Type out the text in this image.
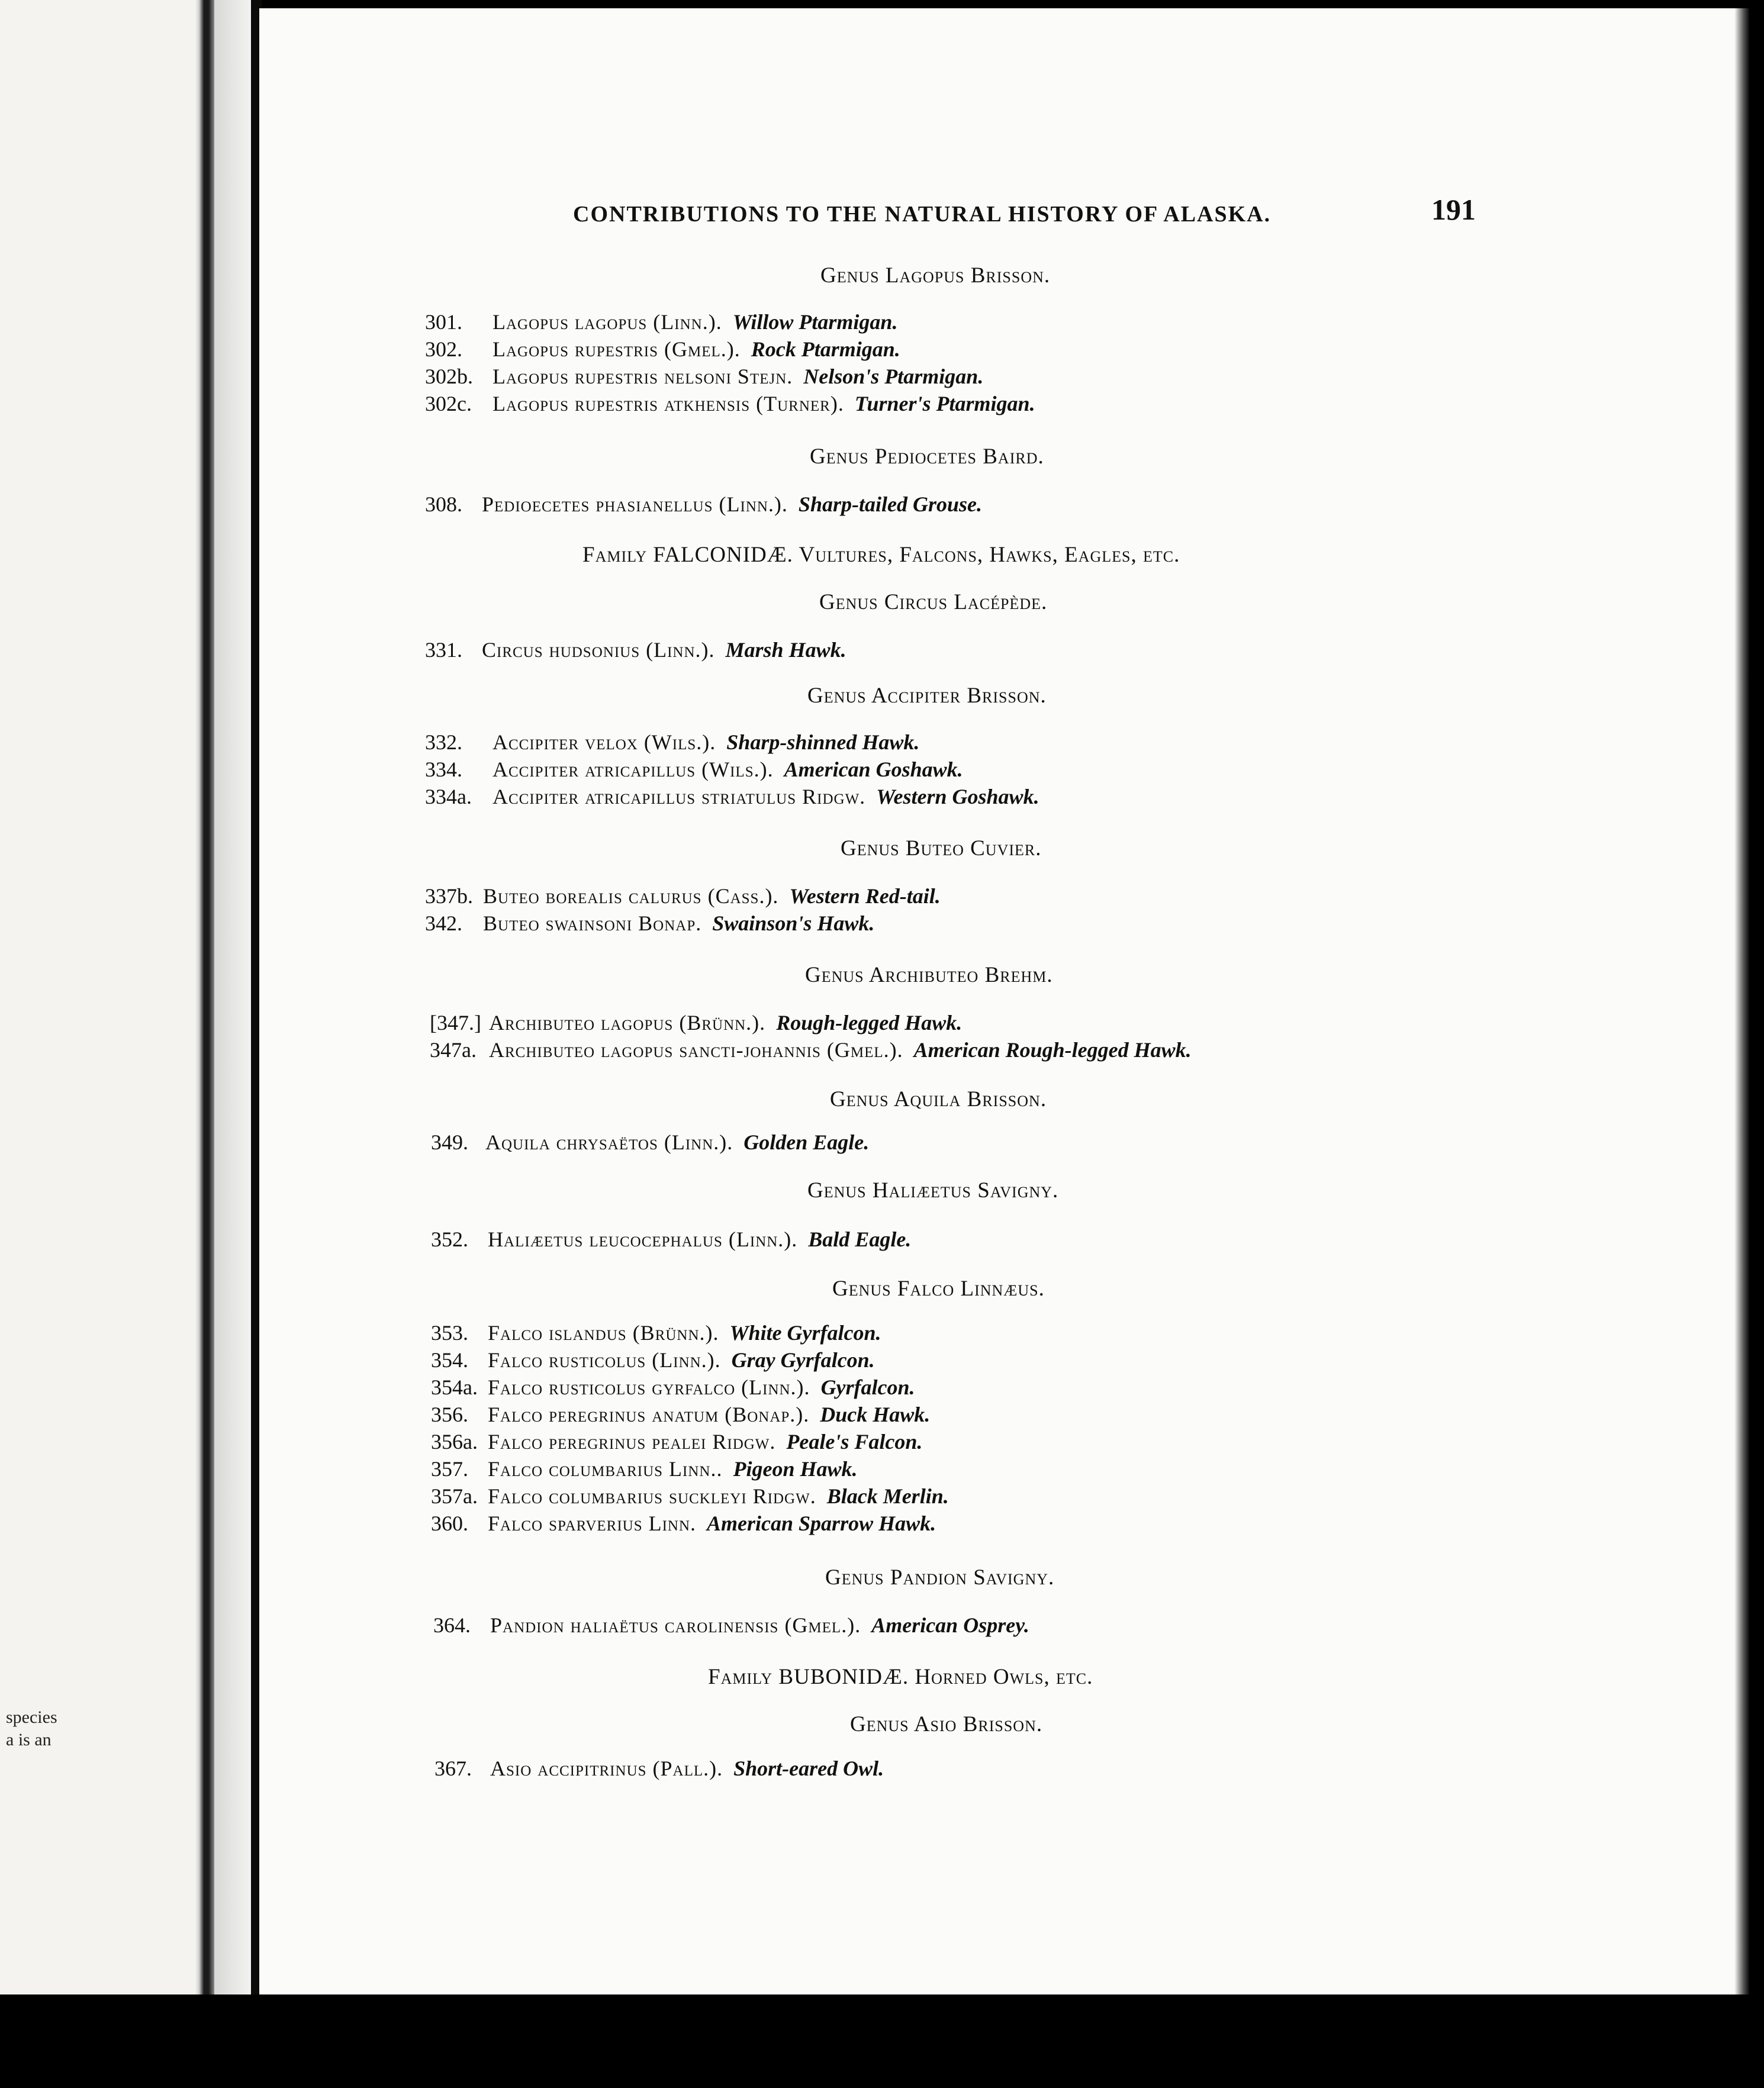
species
a is an
CONTRIBUTIONS TO THE NATURAL HISTORY OF ALASKA.	191
Genus Lagopus Brisson.
301. Lagopus lagopus (Linn.). Willow Ptarmigan.
302. Lagopus rupestris (Gmel.). Rock Ptarmigan.
302b. Lagopus rupestris nelsoni Stejn. Nelson's Ptarmigan.
302c. Lagopus rupestris atkhensis (Turner). Turner's Ptarmigan.
Genus Pediocetes Baird.
308. Pedioecetes phasianellus (Linn.). Sharp-tailed Grouse.
Family FALCONIDÆ. Vultures, Falcons, Hawks, Eagles, etc.
Genus Circus Lacépède.
331. Circus hudsonius (Linn.). Marsh Hawk.
Genus Accipiter Brisson.
332. Accipiter velox (Wils.). Sharp-shinned Hawk.
334. Accipiter atricapillus (Wils.). American Goshawk.
334a. Accipiter atricapillus striatulus Ridgw. Western Goshawk.
Genus Buteo Cuvier.
337b. Buteo borealis calurus (Cass.). Western Red-tail.
342. Buteo swainsoni Bonap. Swainson's Hawk.
Genus Archibuteo Brehm.
[347.] Archibuteo lagopus (Brünn.). Rough-legged Hawk.
347a. Archibuteo lagopus sancti-johannis (Gmel.). American Rough-legged Hawk.
Genus Aquila Brisson.
349. Aquila chrysaëtos (Linn.). Golden Eagle.
Genus Haliæetus Savigny.
352. Haliæetus leucocephalus (Linn.). Bald Eagle.
Genus Falco Linnæus.
353. Falco islandus (Brünn.). White Gyrfalcon.
354. Falco rusticolus (Linn.). Gray Gyrfalcon.
354a. Falco rusticolus gyrfalco (Linn.). Gyrfalcon.
356. Falco peregrinus anatum (Bonap.). Duck Hawk.
356a. Falco peregrinus pealei Ridgw. Peale's Falcon.
357. Falco columbarius Linn.. Pigeon Hawk.
357a. Falco columbarius suckleyi Ridgw. Black Merlin.
360. Falco sparverius Linn. American Sparrow Hawk.
Genus Pandion Savigny.
364. Pandion haliaëtus carolinensis (Gmel.). American Osprey.
Family BUBONIDÆ. Horned Owls, etc.
Genus Asio Brisson.
367. Asio accipitrinus (Pall.). Short-eared Owl.
